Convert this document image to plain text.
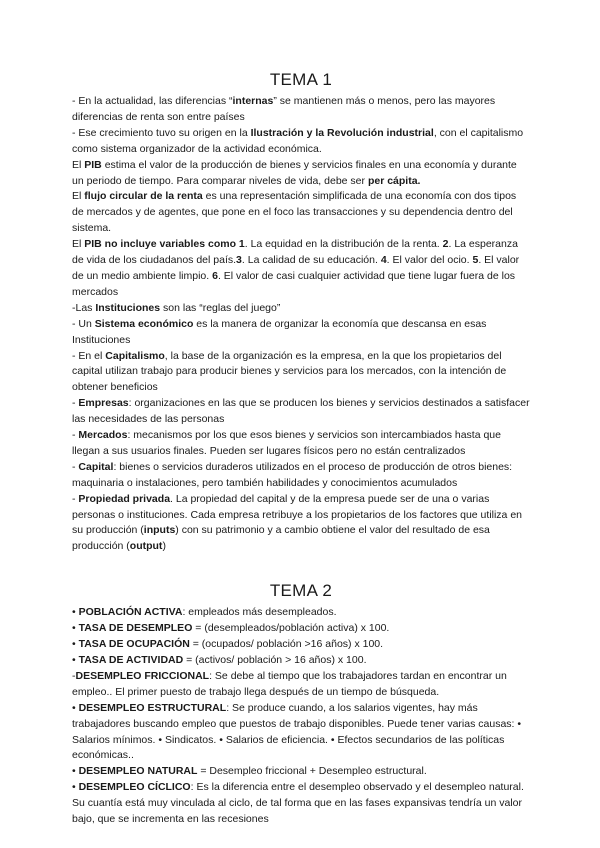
TEMA 1

- En la actualidad, las diferencias “internas” se mantienen más o menos, pero las mayores diferencias de renta son entre países

- Ese crecimiento tuvo su origen en la Ilustración y la Revolución industrial, con el capitalismo como sistema organizador de la actividad económica.

El PIB estima el valor de la producción de bienes y servicios finales en una economía y durante un periodo de tiempo. Para comparar niveles de vida, debe ser per cápita.

El flujo circular de la renta es una representación simplificada de una economía con dos tipos de mercados y de agentes, que pone en el foco las transacciones y su dependencia dentro del sistema.

El PIB no incluye variables como 1. La equidad en la distribución de la renta. 2. La esperanza de vida de los ciudadanos del país.3. La calidad de su educación. 4. El valor del ocio. 5. El valor de un medio ambiente limpio. 6. El valor de casi cualquier actividad que tiene lugar fuera de los mercados

-Las Instituciones son las “reglas del juego”

- Un Sistema económico es la manera de organizar la economía que descansa en esas Instituciones

- En el Capitalismo, la base de la organización es la empresa, en la que los propietarios del capital utilizan trabajo para producir bienes y servicios para los mercados, con la intención de obtener beneficios

- Empresas: organizaciones en las que se producen los bienes y servicios destinados a satisfacer las necesidades de las personas

- Mercados: mecanismos por los que esos bienes y servicios son intercambiados hasta que llegan a sus usuarios finales. Pueden ser lugares físicos pero no están centralizados

- Capital: bienes o servicios duraderos utilizados en el proceso de producción de otros bienes: maquinaria o instalaciones, pero también habilidades y conocimientos acumulados

- Propiedad privada. La propiedad del capital y de la empresa puede ser de una o varias personas o instituciones. Cada empresa retribuye a los propietarios de los factores que utiliza en su producción (inputs) con su patrimonio y a cambio obtiene el valor del resultado de esa producción (output)

TEMA 2

• POBLACIÓN ACTIVA: empleados más desempleados.

• TASA DE DESEMPLEO = (desempleados/población activa) x 100.

• TASA DE OCUPACIÓN = (ocupados/ población >16 años) x 100.

• TASA DE ACTIVIDAD = (activos/ población > 16 años) x 100.

-DESEMPLEO FRICCIONAL: Se debe al tiempo que los trabajadores tardan en encontrar un empleo.. El primer puesto de trabajo llega después de un tiempo de búsqueda.

• DESEMPLEO ESTRUCTURAL: Se produce cuando, a los salarios vigentes, hay más trabajadores buscando empleo que puestos de trabajo disponibles. Puede tener varias causas: • Salarios mínimos. • Sindicatos. • Salarios de eficiencia. • Efectos secundarios de las políticas económicas..

• DESEMPLEO NATURAL = Desempleo friccional + Desempleo estructural.

• DESEMPLEO CÍCLICO: Es la diferencia entre el desempleo observado y el desempleo natural. Su cuantía está muy vinculada al ciclo, de tal forma que en las fases expansivas tendría un valor bajo, que se incrementa en las recesiones
